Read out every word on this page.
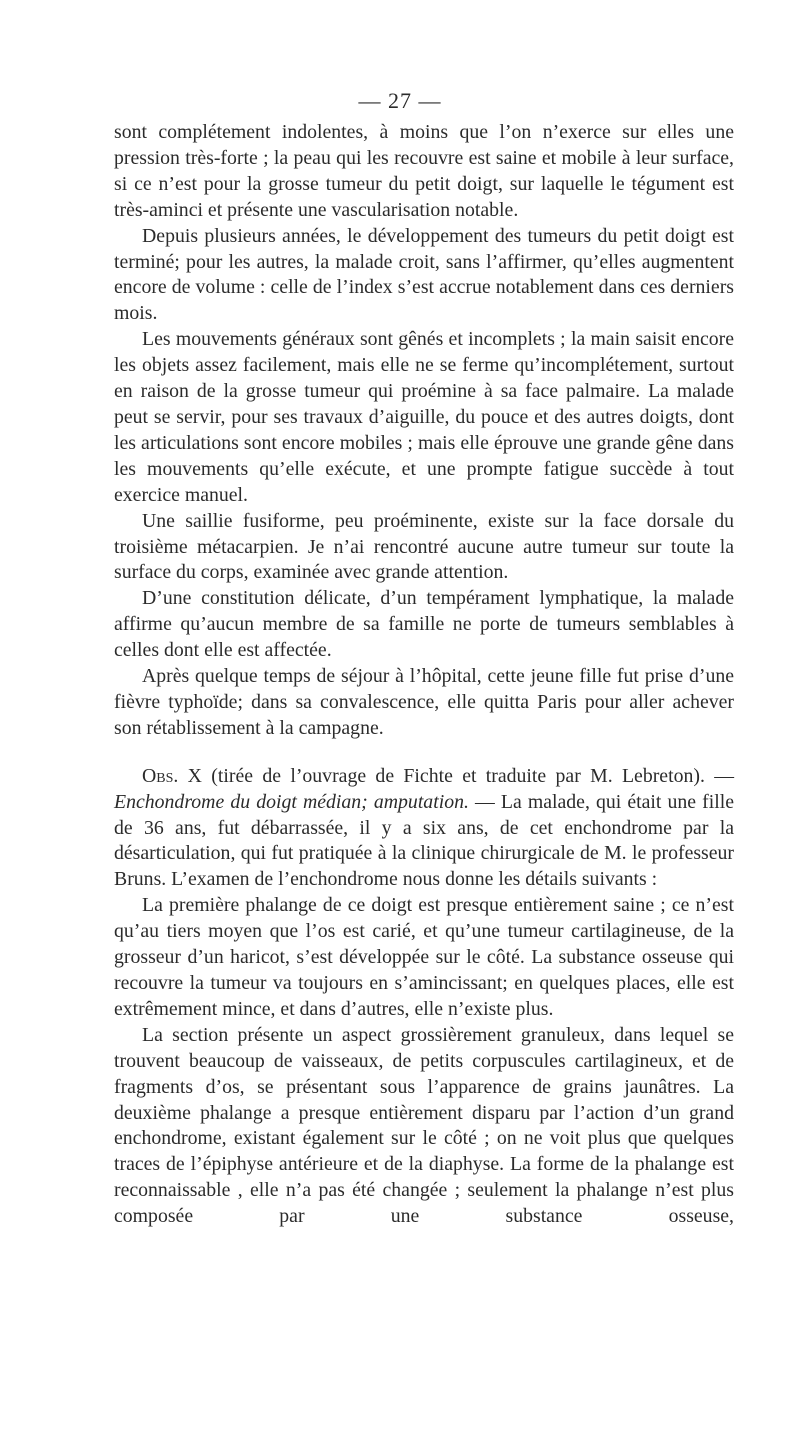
— 27 —

sont complétement indolentes, à moins que l’on n’exerce sur elles une pression très-forte ; la peau qui les recouvre est saine et mobile à leur surface, si ce n’est pour la grosse tumeur du petit doigt, sur laquelle le tégument est très-aminci et présente une vascularisation notable.

Depuis plusieurs années, le développement des tumeurs du petit doigt est terminé; pour les autres, la malade croit, sans l’affirmer, qu’elles augmentent encore de volume : celle de l’index s’est accrue notablement dans ces derniers mois.

Les mouvements généraux sont gênés et incomplets ; la main saisit encore les objets assez facilement, mais elle ne se ferme qu’incomplétement, surtout en raison de la grosse tumeur qui proémine à sa face palmaire. La malade peut se servir, pour ses travaux d’aiguille, du pouce et des autres doigts, dont les articulations sont encore mobiles ; mais elle éprouve une grande gêne dans les mouvements qu’elle exécute, et une prompte fatigue succède à tout exercice manuel.

Une saillie fusiforme, peu proéminente, existe sur la face dorsale du troisième métacarpien. Je n’ai rencontré aucune autre tumeur sur toute la surface du corps, examinée avec grande attention.

D’une constitution délicate, d’un tempérament lymphatique, la malade affirme qu’aucun membre de sa famille ne porte de tumeurs semblables à celles dont elle est affectée.

Après quelque temps de séjour à l’hôpital, cette jeune fille fut prise d’une fièvre typhoïde; dans sa convalescence, elle quitta Paris pour aller achever son rétablissement à la campagne.

Obs. X (tirée de l’ouvrage de Fichte et traduite par M. Lebreton). — Enchondrome du doigt médian; amputation. — La malade, qui était une fille de 36 ans, fut débarrassée, il y a six ans, de cet enchondrome par la désarticulation, qui fut pratiquée à la clinique chirurgicale de M. le professeur Bruns. L’examen de l’enchondrome nous donne les détails suivants :

La première phalange de ce doigt est presque entièrement saine ; ce n’est qu’au tiers moyen que l’os est carié, et qu’une tumeur cartilagineuse, de la grosseur d’un haricot, s’est développée sur le côté. La substance osseuse qui recouvre la tumeur va toujours en s’amincissant; en quelques places, elle est extrêmement mince, et dans d’autres, elle n’existe plus.

La section présente un aspect grossièrement granuleux, dans lequel se trouvent beaucoup de vaisseaux, de petits corpuscules cartilagineux, et de fragments d’os, se présentant sous l’apparence de grains jaunâtres. La deuxième phalange a presque entièrement disparu par l’action d’un grand enchondrome, existant également sur le côté ; on ne voit plus que quelques traces de l’épiphyse antérieure et de la diaphyse. La forme de la phalange est reconnaissable , elle n’a pas été changée ; seulement la phalange n’est plus composée par une substance osseuse,
